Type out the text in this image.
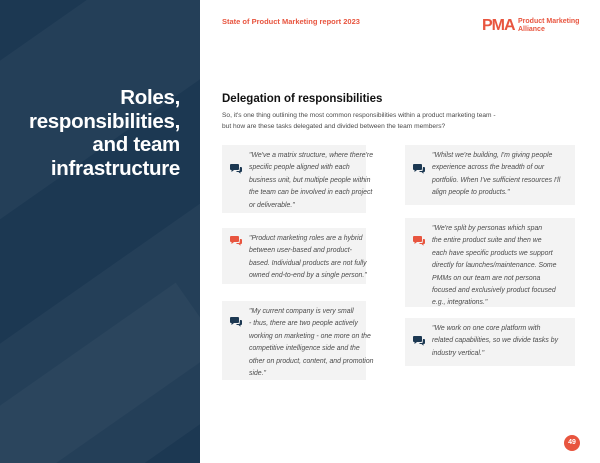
Roles,
responsibilities,
and team
infrastructure
State of Product Marketing report 2023	PMA Product Marketing
Alliance
Delegation of responsibilities
So, it's one thing outlining the most common responsibilities within a product marketing team -
but how are these tasks delegated and divided between the team members?
"We've a matrix structure, where there're
specific people aligned with each
business unit, but multiple people within
the team can be involved in each project
or deliverable."
"Product marketing roles are a hybrid
between user-based and product-
based. Individual products are not fully
owned end-to-end by a single person."
"My current company is very small
- thus, there are two people actively
working on marketing - one more on the
competitive intelligence side and the
other on product, content, and promotion
side."
"Whilst we're building, I'm giving people
experience across the breadth of our
portfolio. When I've sufficient resources I'll
align people to products."
"We're split by personas which span
the entire product suite and then we
each have specific products we support
directly for launches/maintenance. Some
PMMs on our team are not persona
focused and exclusively product focused
e.g., integrations."
"We work on one core platform with
related capabilities, so we divide tasks by
industry vertical."
49
